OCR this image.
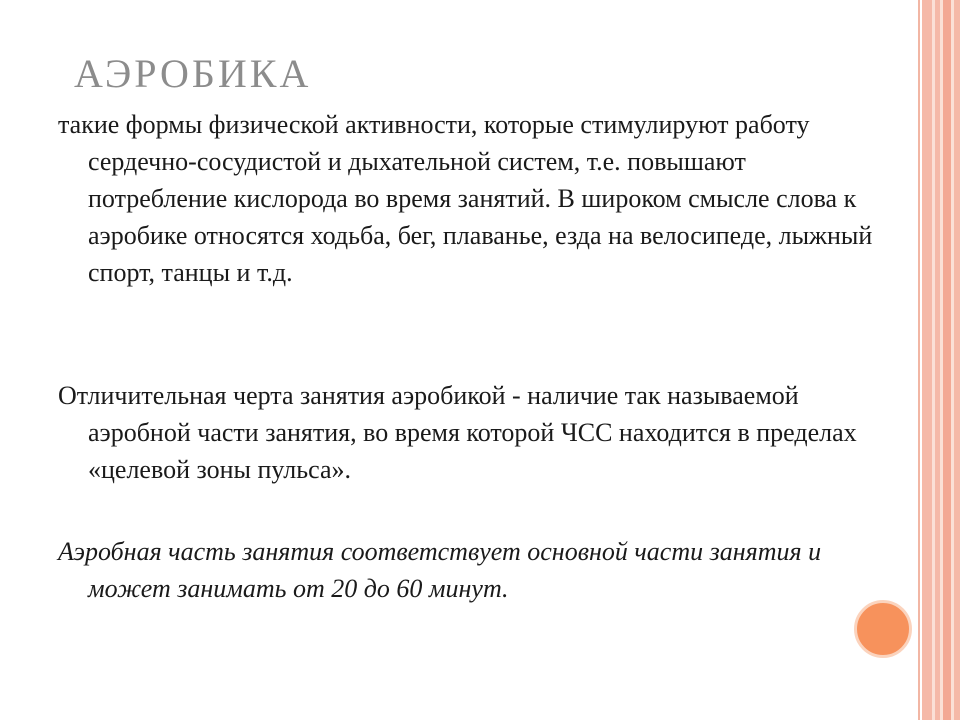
АЭРОБИКА

такие формы физической активности, которые стимулируют работу сердечно-сосудистой и дыхательной систем, т.е. повышают потребление кислорода во время занятий. В широком смысле слова к аэробике относятся ходьба, бег, плаванье, езда на велосипеде, лыжный спорт, танцы и т.д.

Отличительная черта занятия аэробикой - наличие так называемой аэробной части занятия, во время которой ЧСС находится в пределах «целевой зоны пульса».

Аэробная часть занятия соответствует основной части занятия и может занимать от 20 до 60 минут.
